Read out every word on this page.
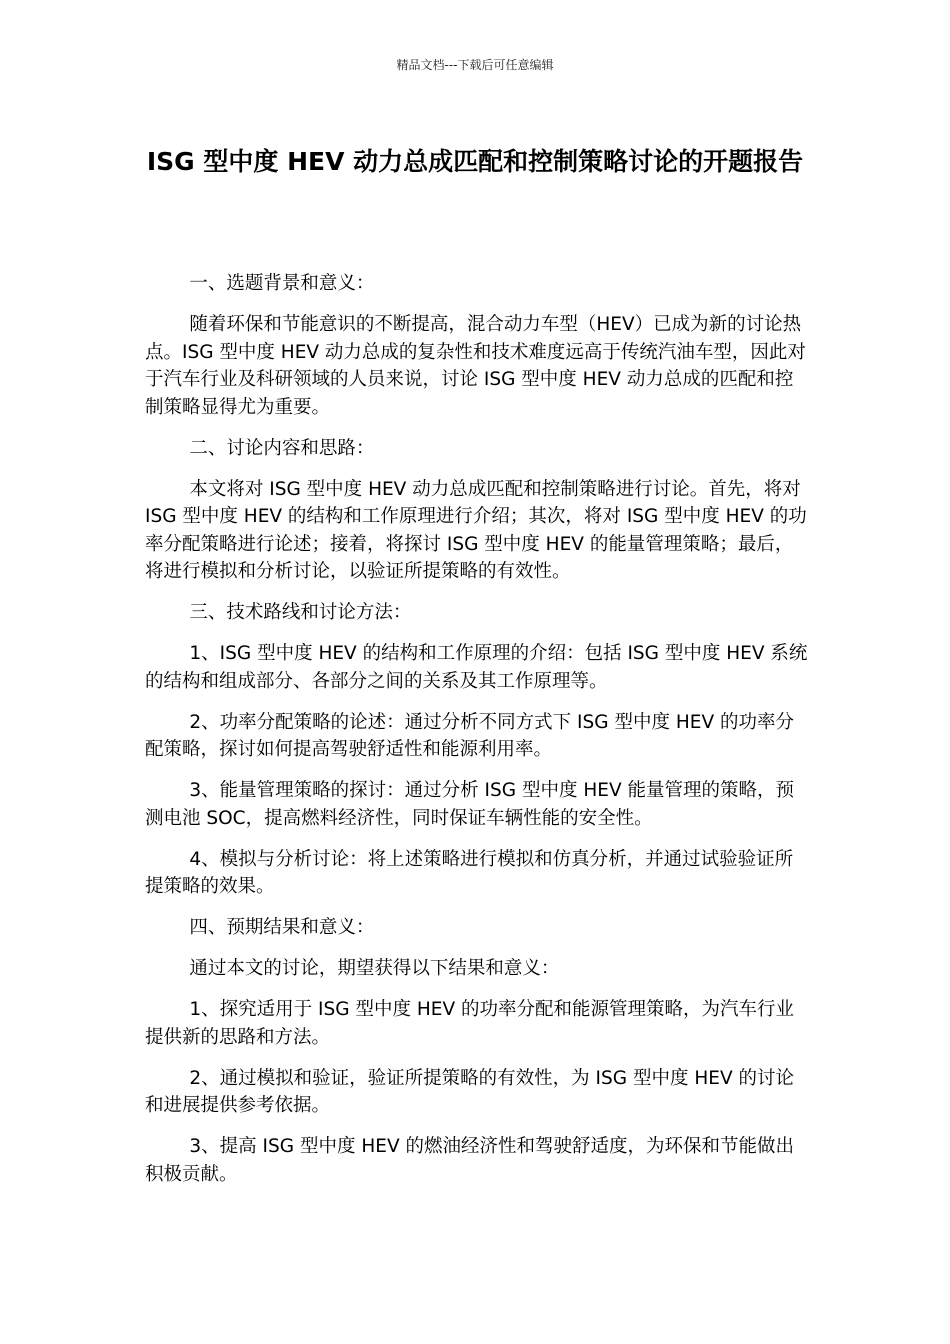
精品文档---下载后可任意编辑
ISG 型中度 HEV 动力总成匹配和控制策略讨论的开题报告

一、选题背景和意义：

随着环保和节能意识的不断提高，混合动力车型（HEV）已成为新的讨论热点。ISG 型中度 HEV 动力总成的复杂性和技术难度远高于传统汽油车型，因此对于汽车行业及科研领域的人员来说，讨论 ISG 型中度 HEV 动力总成的匹配和控制策略显得尤为重要。

二、讨论内容和思路：

本文将对 ISG 型中度 HEV 动力总成匹配和控制策略进行讨论。首先，将对 ISG 型中度 HEV 的结构和工作原理进行介绍；其次，将对 ISG 型中度 HEV 的功率分配策略进行论述；接着，将探讨 ISG 型中度 HEV 的能量管理策略；最后，将进行模拟和分析讨论，以验证所提策略的有效性。

三、技术路线和讨论方法：

1、ISG 型中度 HEV 的结构和工作原理的介绍：包括 ISG 型中度 HEV 系统的结构和组成部分、各部分之间的关系及其工作原理等。

2、功率分配策略的论述：通过分析不同方式下 ISG 型中度 HEV 的功率分配策略，探讨如何提高驾驶舒适性和能源利用率。

3、能量管理策略的探讨：通过分析 ISG 型中度 HEV 能量管理的策略，预测电池 SOC，提高燃料经济性，同时保证车辆性能的安全性。

4、模拟与分析讨论：将上述策略进行模拟和仿真分析，并通过试验验证所提策略的效果。

四、预期结果和意义：

通过本文的讨论，期望获得以下结果和意义：

1、探究适用于 ISG 型中度 HEV 的功率分配和能源管理策略，为汽车行业提供新的思路和方法。

2、通过模拟和验证，验证所提策略的有效性，为 ISG 型中度 HEV 的讨论和进展提供参考依据。

3、提高 ISG 型中度 HEV 的燃油经济性和驾驶舒适度，为环保和节能做出积极贡献。
